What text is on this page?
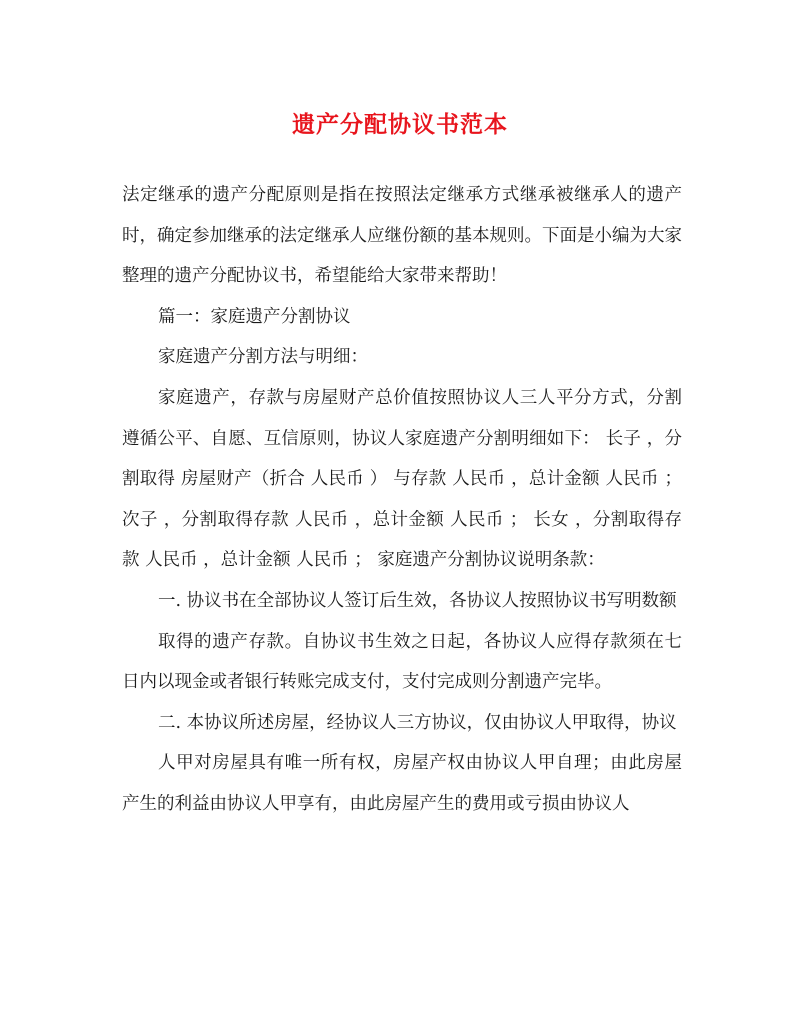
遗产分配协议书范本

法定继承的遗产分配原则是指在按照法定继承方式继承被继承人的遗产时，确定参加继承的法定继承人应继份额的基本规则。下面是小编为大家整理的遗产分配协议书，希望能给大家带来帮助！

篇一：家庭遗产分割协议

家庭遗产分割方法与明细：

家庭遗产，存款与房屋财产总价值按照协议人三人平分方式，分割遵循公平、自愿、互信原则，协议人家庭遗产分割明细如下： 长子 ，分割取得 房屋财产（折合 人民币 ） 与存款 人民币 ，总计金额 人民币 ； 次子 ，分割取得存款 人民币 ，总计金额 人民币 ； 长女 ，分割取得存款 人民币 ，总计金额 人民币 ； 家庭遗产分割协议说明条款：

一. 协议书在全部协议人签订后生效，各协议人按照协议书写明数额

取得的遗产存款。自协议书生效之日起，各协议人应得存款须在七日内以现金或者银行转账完成支付，支付完成则分割遗产完毕。

二. 本协议所述房屋，经协议人三方协议，仅由协议人甲取得，协议

人甲对房屋具有唯一所有权，房屋产权由协议人甲自理；由此房屋产生的利益由协议人甲享有，由此房屋产生的费用或亏损由协议人
